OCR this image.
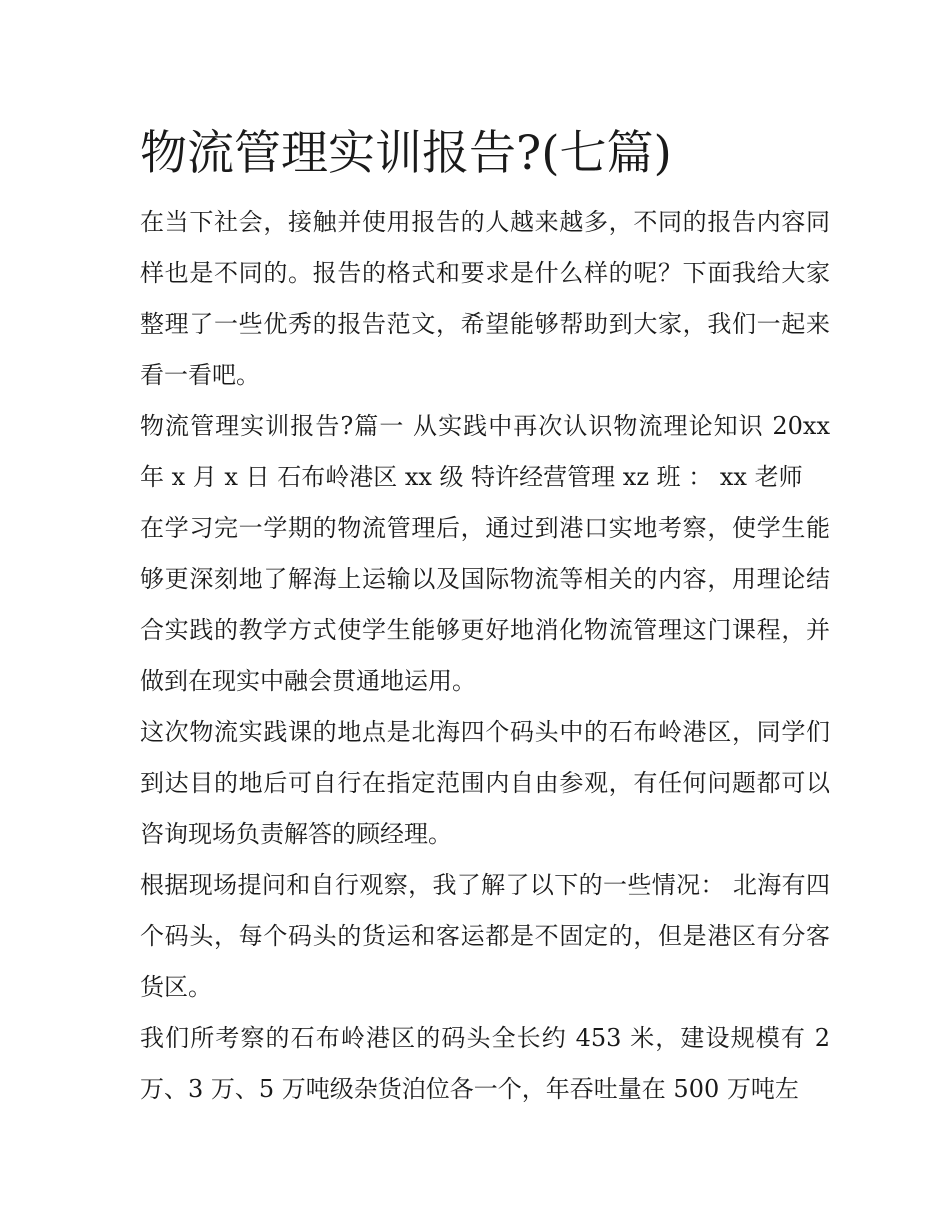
物流管理实训报告?(七篇)

在当下社会，接触并使用报告的人越来越多，不同的报告内容同样也是不同的。报告的格式和要求是什么样的呢？下面我给大家整理了一些优秀的报告范文，希望能够帮助到大家，我们一起来看一看吧。

物流管理实训报告?篇一 从实践中再次认识物流理论知识 20xx 年 x 月 x 日 石布岭港区 xx 级 特许经营管理 xz 班 ： xx 老师

在学习完一学期的物流管理后，通过到港口实地考察，使学生能够更深刻地了解海上运输以及国际物流等相关的内容，用理论结合实践的教学方式使学生能够更好地消化物流管理这门课程，并做到在现实中融会贯通地运用。

这次物流实践课的地点是北海四个码头中的石布岭港区，同学们到达目的地后可自行在指定范围内自由参观，有任何问题都可以咨询现场负责解答的顾经理。

根据现场提问和自行观察，我了解了以下的一些情况： 北海有四个码头，每个码头的货运和客运都是不固定的，但是港区有分客货区。

我们所考察的石布岭港区的码头全长约 453 米，建设规模有 2 万、3 万、5 万吨级杂货泊位各一个，年吞吐量在 500 万吨左
